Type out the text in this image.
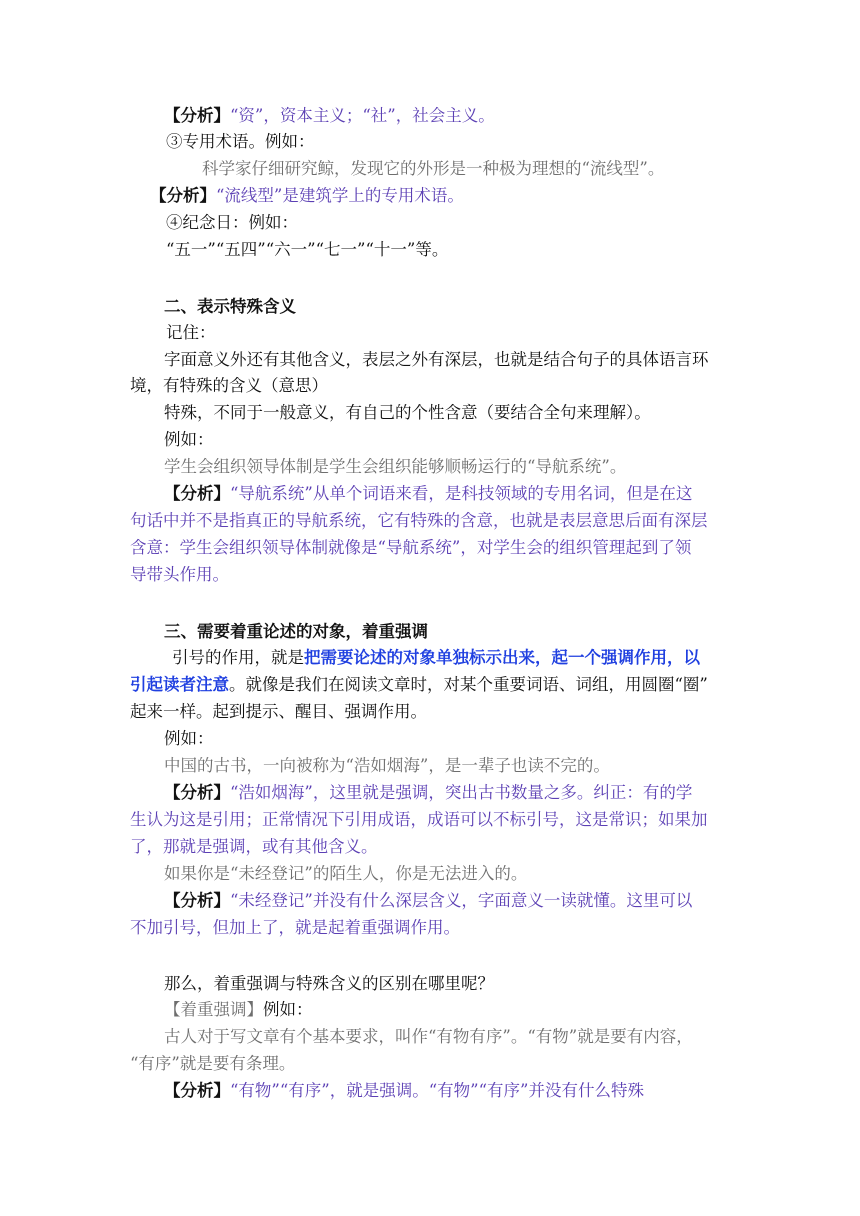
【分析】“资”，资本主义；“社”，社会主义。
③专用术语。例如：
科学家仔细研究鲸，发现它的外形是一种极为理想的“流线型”。
【分析】“流线型”是建筑学上的专用术语。
④纪念日：例如：
“五一”“五四”“六一”“七一”“十一”等。
二、表示特殊含义
记住：
字面意义外还有其他含义，表层之外有深层，也就是结合句子的具体语言环
境，有特殊的含义（意思）
特殊，不同于一般意义，有自己的个性含意（要结合全句来理解）。
例如：
学生会组织领导体制是学生会组织能够顺畅运行的“导航系统”。
【分析】“导航系统”从单个词语来看，是科技领域的专用名词，但是在这
句话中并不是指真正的导航系统，它有特殊的含意，也就是表层意思后面有深层
含意：学生会组织领导体制就像是“导航系统”，对学生会的组织管理起到了领
导带头作用。
三、需要着重论述的对象，着重强调
引号的作用，就是把需要论述的对象单独标示出来，起一个强调作用，以
引起读者注意。就像是我们在阅读文章时，对某个重要词语、词组，用圆圈“圈”
起来一样。起到提示、醒目、强调作用。
例如：
中国的古书，一向被称为“浩如烟海”，是一辈子也读不完的。
【分析】“浩如烟海”，这里就是强调，突出古书数量之多。纠正：有的学
生认为这是引用；正常情况下引用成语，成语可以不标引号，这是常识；如果加
了，那就是强调，或有其他含义。
如果你是“未经登记”的陌生人，你是无法进入的。
【分析】“未经登记”并没有什么深层含义，字面意义一读就懂。这里可以
不加引号，但加上了，就是起着重强调作用。
那么，着重强调与特殊含义的区别在哪里呢？
【着重强调】例如：
古人对于写文章有个基本要求，叫作“有物有序”。“有物”就是要有内容，
“有序”就是要有条理。
【分析】“有物”“有序”，就是强调。“有物”“有序”并没有什么特殊
